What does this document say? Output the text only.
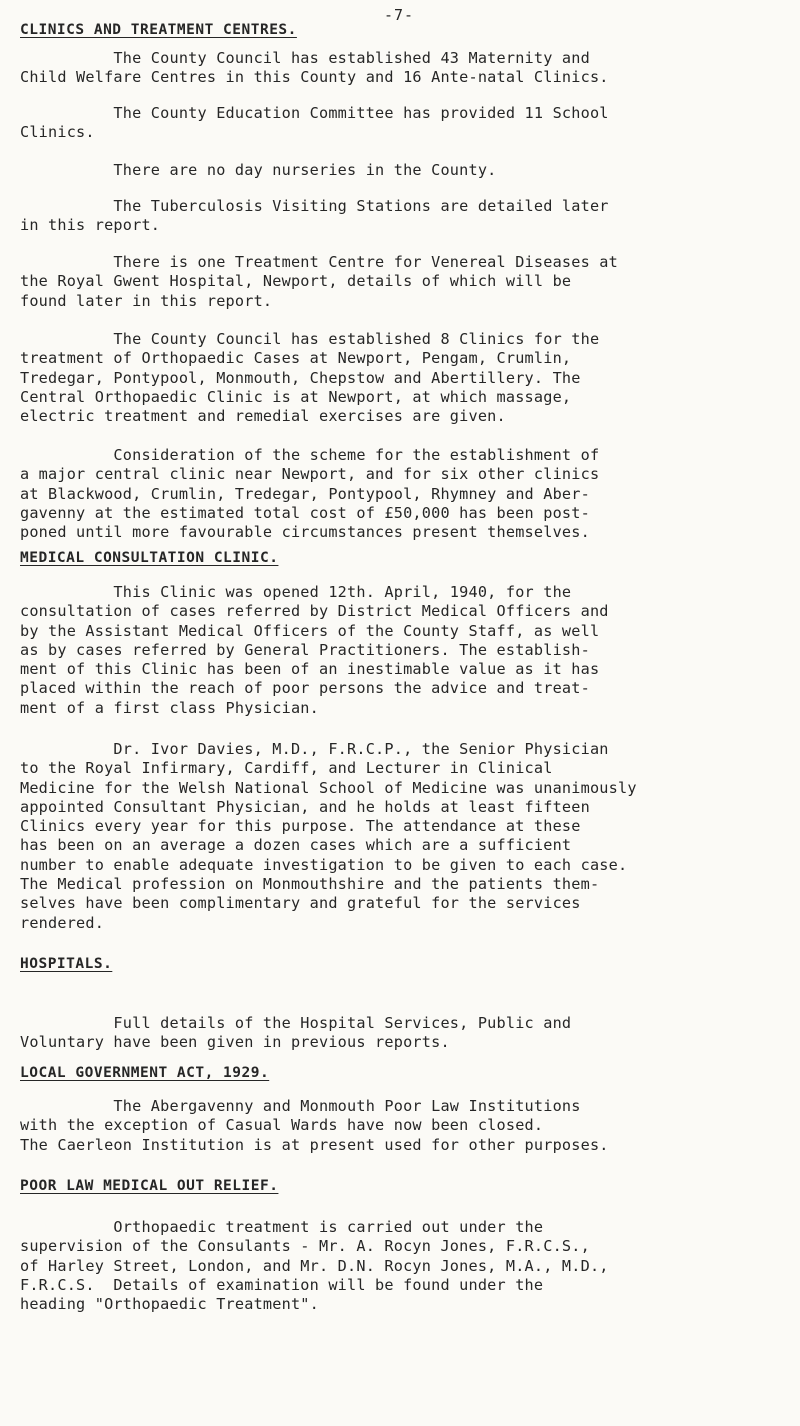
-7-
CLINICS AND TREATMENT CENTRES.

The County Council has established 43 Maternity and
Child Welfare Centres in this County and 16 Ante-natal Clinics.

The County Education Committee has provided 11 School
Clinics.

There are no day nurseries in the County.

The Tuberculosis Visiting Stations are detailed later
in this report.

There is one Treatment Centre for Venereal Diseases at
the Royal Gwent Hospital, Newport, details of which will be
found later in this report.

The County Council has established 8 Clinics for the
treatment of Orthopaedic Cases at Newport, Pengam, Crumlin,
Tredegar, Pontypool, Monmouth, Chepstow and Abertillery. The
Central Orthopaedic Clinic is at Newport, at which massage,
electric treatment and remedial exercises are given.

Consideration of the scheme for the establishment of
a major central clinic near Newport, and for six other clinics
at Blackwood, Crumlin, Tredegar, Pontypool, Rhymney and Aber-
gavenny at the estimated total cost of £50,000 has been post-
poned until more favourable circumstances present themselves.

MEDICAL CONSULTATION CLINIC.

This Clinic was opened 12th. April, 1940, for the
consultation of cases referred by District Medical Officers and
by the Assistant Medical Officers of the County Staff, as well
as by cases referred by General Practitioners. The establish-
ment of this Clinic has been of an inestimable value as it has
placed within the reach of poor persons the advice and treat-
ment of a first class Physician.

Dr. Ivor Davies, M.D., F.R.C.P., the Senior Physician
to the Royal Infirmary, Cardiff, and Lecturer in Clinical
Medicine for the Welsh National School of Medicine was unanimously
appointed Consultant Physician, and he holds at least fifteen
Clinics every year for this purpose. The attendance at these
has been on an average a dozen cases which are a sufficient
number to enable adequate investigation to be given to each case.
The Medical profession on Monmouthshire and the patients them-
selves have been complimentary and grateful for the services
rendered.

HOSPITALS.

Full details of the Hospital Services, Public and
Voluntary have been given in previous reports.

LOCAL GOVERNMENT ACT, 1929.

The Abergavenny and Monmouth Poor Law Institutions
with the exception of Casual Wards have now been closed.
The Caerleon Institution is at present used for other purposes.

POOR LAW MEDICAL OUT RELIEF.

Orthopaedic treatment is carried out under the
supervision of the Consulants - Mr. A. Rocyn Jones, F.R.C.S.,
of Harley Street, London, and Mr. D.N. Rocyn Jones, M.A., M.D.,
F.R.C.S.  Details of examination will be found under the
heading "Orthopaedic Treatment".
